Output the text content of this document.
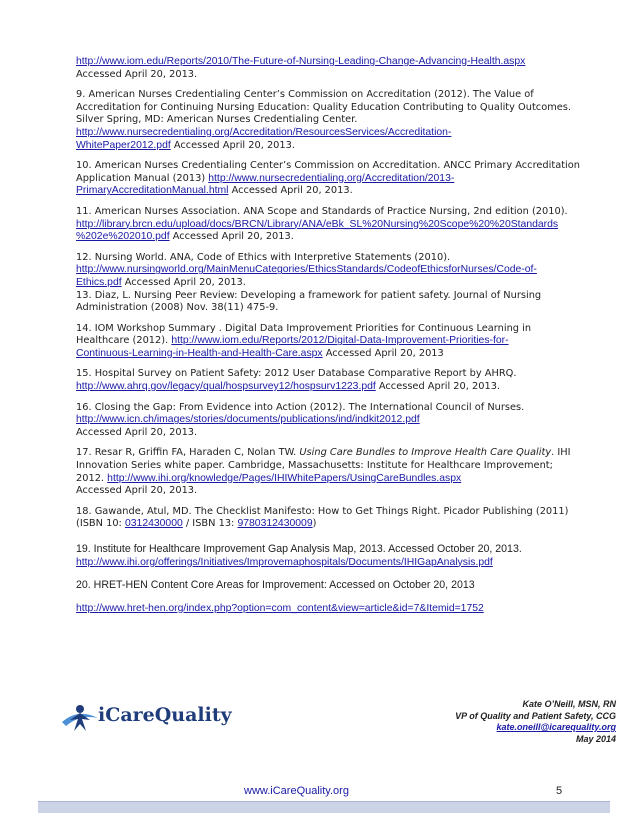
http://www.iom.edu/Reports/2010/The-Future-of-Nursing-Leading-Change-Advancing-Health.aspx
Accessed April 20, 2013.
9. American Nurses Credentialing Center’s Commission on Accreditation (2012). The Value of
Accreditation for Continuing Nursing Education: Quality Education Contributing to Quality Outcomes.
Silver Spring, MD: American Nurses Credentialing Center.
http://www.nursecredentialing.org/Accreditation/ResourcesServices/Accreditation-
WhitePaper2012.pdf Accessed April 20, 2013.
10. American Nurses Credentialing Center’s Commission on Accreditation. ANCC Primary Accreditation
Application Manual (2013) http://www.nursecredentialing.org/Accreditation/2013-
PrimaryAccreditationManual.html Accessed April 20, 2013.
11. American Nurses Association. ANA Scope and Standards of Practice Nursing, 2nd edition (2010).
http://library.brcn.edu/upload/docs/BRCN/Library/ANA/eBk_SL%20Nursing%20Scope%20%20Standards
%202e%202010.pdf Accessed April 20, 2013.
12. Nursing World. ANA, Code of Ethics with Interpretive Statements (2010).
http://www.nursingworld.org/MainMenuCategories/EthicsStandards/CodeofEthicsforNurses/Code-of-
Ethics.pdf Accessed April 20, 2013.
13. Diaz, L. Nursing Peer Review: Developing a framework for patient safety. Journal of Nursing
Administration (2008) Nov. 38(11) 475-9.
14. IOM Workshop Summary . Digital Data Improvement Priorities for Continuous Learning in
Healthcare (2012). http://www.iom.edu/Reports/2012/Digital-Data-Improvement-Priorities-for-
Continuous-Learning-in-Health-and-Health-Care.aspx Accessed April 20, 2013
15. Hospital Survey on Patient Safety: 2012 User Database Comparative Report by AHRQ.
http://www.ahrq.gov/legacy/qual/hospsurvey12/hospsurv1223.pdf Accessed April 20, 2013.
16. Closing the Gap: From Evidence into Action (2012). The International Council of Nurses.
http://www.icn.ch/images/stories/documents/publications/ind/indkit2012.pdf
Accessed April 20, 2013.
17. Resar R, Griffin FA, Haraden C, Nolan TW. Using Care Bundles to Improve Health Care Quality. IHI
Innovation Series white paper. Cambridge, Massachusetts: Institute for Healthcare Improvement;
2012. http://www.ihi.org/knowledge/Pages/IHIWhitePapers/UsingCareBundles.aspx
Accessed April 20, 2013.
18. Gawande, Atul, MD. The Checklist Manifesto: How to Get Things Right. Picador Publishing (2011)
(ISBN 10: 0312430000 / ISBN 13: 9780312430009)
19. Institute for Healthcare Improvement Gap Analysis Map, 2013. Accessed October 20, 2013.
http://www.ihi.org/offerings/Initiatives/Improvemaphospitals/Documents/IHIGapAnalysis.pdf
20. HRET-HEN Content Core Areas for Improvement: Accessed on October 20, 2013
http://www.hret-hen.org/index.php?option=com_content&view=article&id=7&Itemid=1752
iCareQuality	Kate O’Neill, MSN, RN
VP of Quality and Patient Safety, CCG
kate.oneill@icarequality.org
May 2014
www.iCareQuality.org	5
